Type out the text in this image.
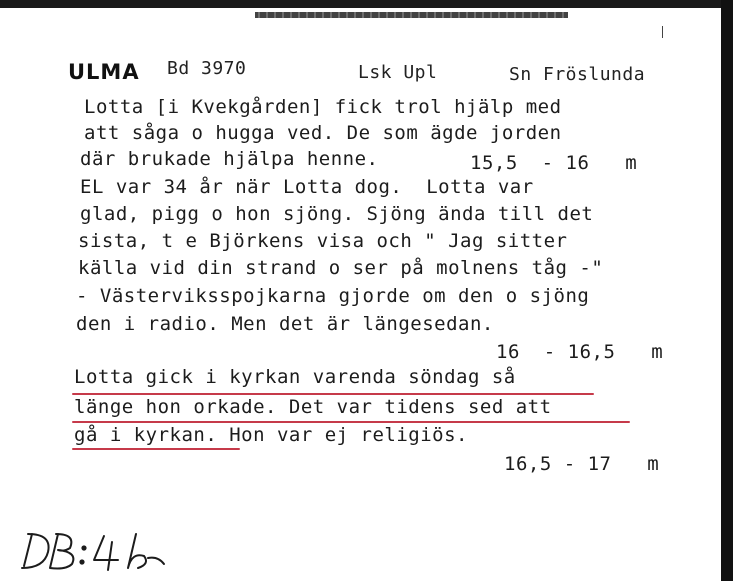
ULMA Bd 3970	Lsk Upl	Sn Fröslunda
Lotta [i Kvekgården] fick trol hjälp med
att såga o hugga ved. De som ägde jorden
där brukade hjälpa henne.	15,5  - 16   m
EL var 34 år när Lotta dog.  Lotta var
glad, pigg o hon sjöng. Sjöng ända till det
sista, t e Björkens visa och " Jag sitter
källa vid din strand o ser på molnens tåg -"
- Västerviksspojkarna gjorde om den o sjöng
den i radio. Men det är längesedan.
16  - 16,5   m
Lotta gick i kyrkan varenda söndag så
länge hon orkade. Det var tidens sed att
gå i kyrkan. Hon var ej religiös.
16,5 - 17   m
